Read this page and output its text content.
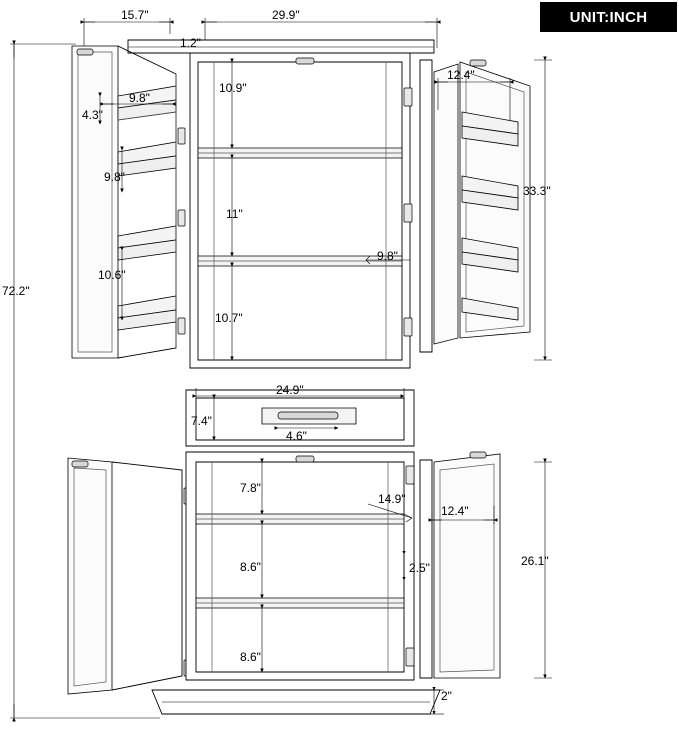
UNIT:INCH
15.7"	29.9"
1.2"
72.2"
10.9"
11"
10.7"
12.4"
9.8"
33.3"
9.8"
4.3"
9.8"
10.6"
24.9"
7.4"
4.6"
7.8"
8.6"
8.6"
14.9"
12.4"
2.5"	26.1"
2"
